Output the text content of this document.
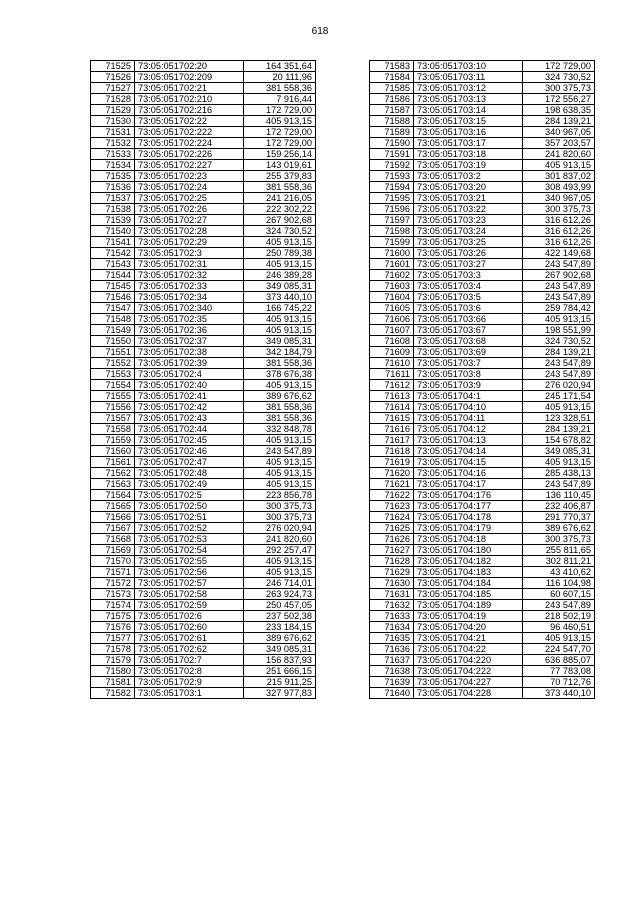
618
71525	73:05:051702:20	164 351,64
71526	73:05:051702:209	20 111,96
71527	73:05:051702:21	381 558,36
71528	73:05:051702:210	7 916,44
71529	73:05:051702:216	172 729,00
71530	73:05:051702:22	405 913,15
71531	73:05:051702:222	172 729,00
71532	73:05:051702:224	172 729,00
71533	73:05:051702:226	159 256,14
71534	73:05:051702:227	143 019,61
71535	73:05:051702:23	255 379,83
71536	73:05:051702:24	381 558,36
71537	73:05:051702:25	241 216,05
71538	73:05:051702:26	222 302,22
71539	73:05:051702:27	267 902,68
71540	73:05:051702:28	324 730,52
71541	73:05:051702:29	405 913,15
71542	73:05:051702:3	250 789,38
71543	73:05:051702:31	405 913,15
71544	73:05:051702:32	246 389,28
71545	73:05:051702:33	349 085,31
71546	73:05:051702:34	373 440,10
71547	73:05:051702:340	166 745,22
71548	73:05:051702:35	405 913,15
71549	73:05:051702:36	405 913,15
71550	73:05:051702:37	349 085,31
71551	73:05:051702:38	342 184,79
71552	73:05:051702:39	381 558,36
71553	73:05:051702:4	378 676,38
71554	73:05:051702:40	405 913,15
71555	73:05:051702:41	389 676,62
71556	73:05:051702:42	381 558,36
71557	73:05:051702:43	381 558,36
71558	73:05:051702:44	332 848,78
71559	73:05:051702:45	405 913,15
71560	73:05:051702:46	243 547,89
71561	73:05:051702:47	405 913,15
71562	73:05:051702:48	405 913,15
71563	73:05:051702:49	405 913,15
71564	73:05:051702:5	223 856,78
71565	73:05:051702:50	300 375,73
71566	73:05:051702:51	300 375,73
71567	73:05:051702:52	276 020,94
71568	73:05:051702:53	241 820,60
71569	73:05:051702:54	292 257,47
71570	73:05:051702:55	405 913,15
71571	73:05:051702:56	405 913,15
71572	73:05:051702:57	246 714,01
71573	73:05:051702:58	263 924,73
71574	73:05:051702:59	250 457,05
71575	73:05:051702:6	237 502,38
71576	73:05:051702:60	233 184,15
71577	73:05:051702:61	389 676,62
71578	73:05:051702:62	349 085,31
71579	73:05:051702:7	156 837,93
71580	73:05:051702:8	251 666,15
71581	73:05:051702:9	215 911,25
71582	73:05:051703:1	327 977,83
71583	73:05:051703:10	172 729,00
71584	73:05:051703:11	324 730,52
71585	73:05:051703:12	300 375,73
71586	73:05:051703:13	172 556,27
71587	73:05:051703:14	198 638,35
71588	73:05:051703:15	284 139,21
71589	73:05:051703:16	340 967,05
71590	73:05:051703:17	357 203,57
71591	73:05:051703:18	241 820,60
71592	73:05:051703:19	405 913,15
71593	73:05:051703:2	301 837,02
71594	73:05:051703:20	308 493,99
71595	73:05:051703:21	340 967,05
71596	73:05:051703:22	300 375,73
71597	73:05:051703:23	316 612,26
71598	73:05:051703:24	316 612,26
71599	73:05:051703:25	316 612,26
71600	73:05:051703:26	422 149,68
71601	73:05:051703:27	243 547,89
71602	73:05:051703:3	267 902,68
71603	73:05:051703:4	243 547,89
71604	73:05:051703:5	243 547,89
71605	73:05:051703:6	259 784,42
71606	73:05:051703:66	405 913,15
71607	73:05:051703:67	198 551,99
71608	73:05:051703:68	324 730,52
71609	73:05:051703:69	284 139,21
71610	73:05:051703:7	243 547,89
71611	73:05:051703:8	243 547,89
71612	73:05:051703:9	276 020,94
71613	73:05:051704:1	245 171,54
71614	73:05:051704:10	405 913,15
71615	73:05:051704:11	123 328,51
71616	73:05:051704:12	284 139,21
71617	73:05:051704:13	154 678,82
71618	73:05:051704:14	349 085,31
71619	73:05:051704:15	405 913,15
71620	73:05:051704:16	285 438,13
71621	73:05:051704:17	243 547,89
71622	73:05:051704:176	136 110,45
71623	73:05:051704:177	232 406,87
71624	73:05:051704:178	291 770,37
71625	73:05:051704:179	389 676,62
71626	73:05:051704:18	300 375,73
71627	73:05:051704:180	255 811,65
71628	73:05:051704:182	302 811,21
71629	73:05:051704:183	43 410,62
71630	73:05:051704:184	116 104,98
71631	73:05:051704:185	60 607,15
71632	73:05:051704:189	243 547,89
71633	73:05:051704:19	218 502,19
71634	73:05:051704:20	96 460,51
71635	73:05:051704:21	405 913,15
71636	73:05:051704:22	224 547,70
71637	73:05:051704:220	636 885,07
71638	73:05:051704:222	77 783,08
71639	73:05:051704:227	70 712,76
71640	73:05:051704:228	373 440,10
